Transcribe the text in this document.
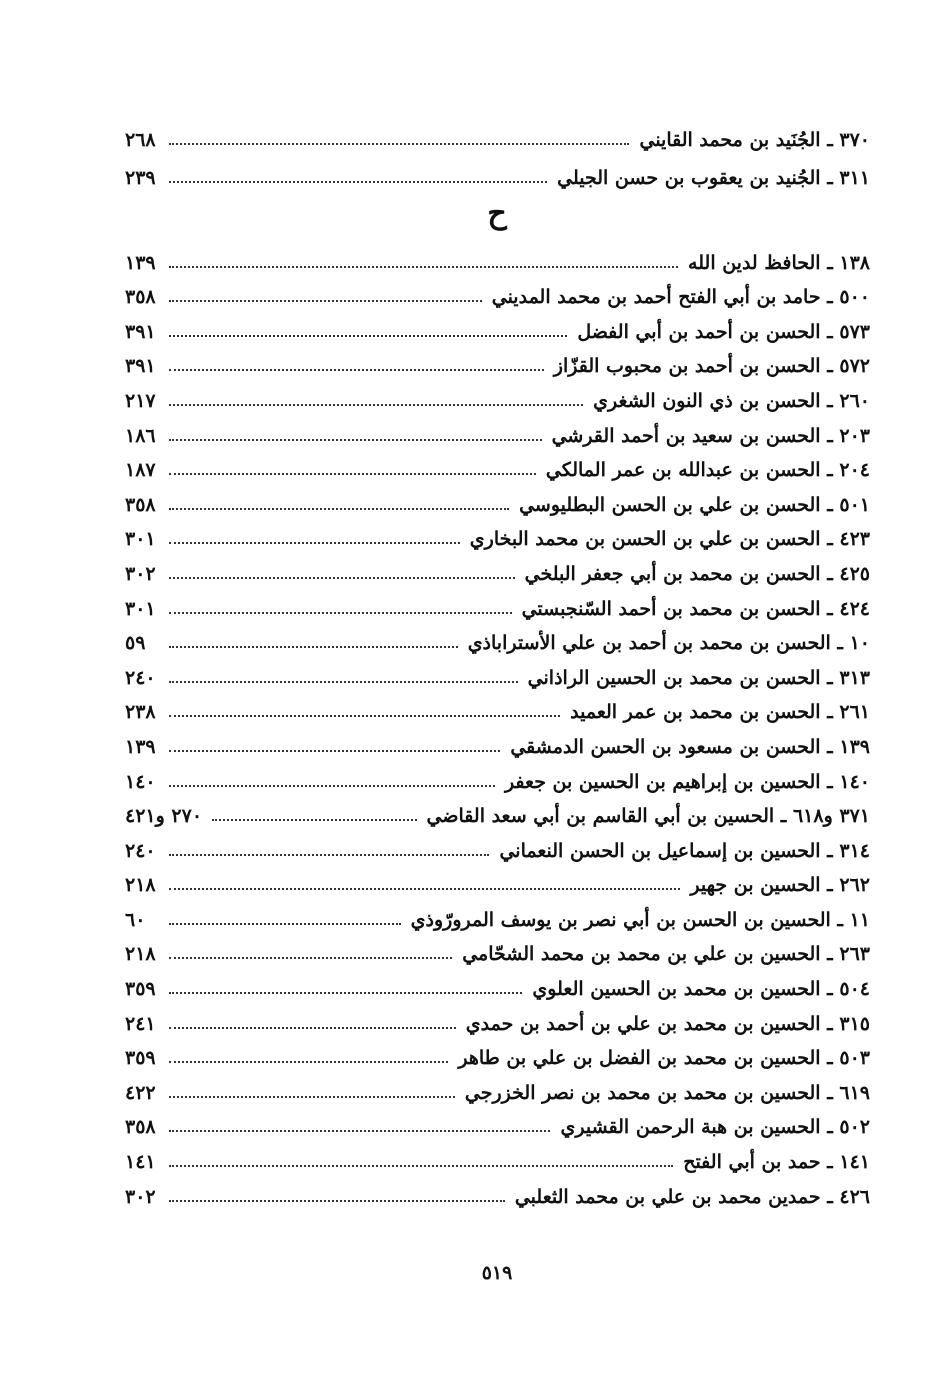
٣٧٠ ـ الجُنَيد بن محمد القايني
٢٦٨
٣١١ ـ الجُنيد بن يعقوب بن حسن الجيلي
٢٣٩
ح
١٣٨ ـ الحافظ لدين الله
١٣٩
٥٠٠ ـ حامد بن أبي الفتح أحمد بن محمد المديني
٣٥٨
٥٧٣ ـ الحسن بن أحمد بن أبي الفضل
٣٩١
٥٧٢ ـ الحسن بن أحمد بن محبوب القزّاز
٣٩١
٢٦٠ ـ الحسن بن ذي النون الشغري
٢١٧
٢٠٣ ـ الحسن بن سعيد بن أحمد القرشي
١٨٦
٢٠٤ ـ الحسن بن عبدالله بن عمر المالكي
١٨٧
٥٠١ ـ الحسن بن علي بن الحسن البطليوسي
٣٥٨
٤٢٣ ـ الحسن بن علي بن الحسن بن محمد البخاري
٣٠١
٤٢٥ ـ الحسن بن محمد بن أبي جعفر البلخي
٣٠٢
٤٢٤ ـ الحسن بن محمد بن أحمد السّنجبستي
٣٠١
١٠ ـ الحسن بن محمد بن أحمد بن علي الأستراباذي
٥٩
٣١٣ ـ الحسن بن محمد بن الحسين الراذاني
٢٤٠
٢٦١ ـ الحسن بن محمد بن عمر العميد
٢٣٨
١٣٩ ـ الحسن بن مسعود بن الحسن الدمشقي
١٣٩
١٤٠ ـ الحسين بن إبراهيم بن الحسين بن جعفر
١٤٠
٣٧١ و٦١٨ ـ الحسين بن أبي القاسم بن أبي سعد القاضي
٢٧٠ و٤٢١
٣١٤ ـ الحسين بن إسماعيل بن الحسن النعماني
٢٤٠
٢٦٢ ـ الحسين بن جهير
٢١٨
١١ ـ الحسين بن الحسن بن أبي نصر بن يوسف المرورّوذي
٦٠
٢٦٣ ـ الحسين بن علي بن محمد بن محمد الشحّامي
٢١٨
٥٠٤ ـ الحسين بن محمد بن الحسين العلوي
٣٥٩
٣١٥ ـ الحسين بن محمد بن علي بن أحمد بن حمدي
٢٤١
٥٠٣ ـ الحسين بن محمد بن الفضل بن علي بن طاهر
٣٥٩
٦١٩ ـ الحسين بن محمد بن محمد بن نصر الخزرجي
٤٢٢
٥٠٢ ـ الحسين بن هبة الرحمن القشيري
٣٥٨
١٤١ ـ حمد بن أبي الفتح
١٤١
٤٢٦ ـ حمدين محمد بن علي بن محمد الثعلبي
٣٠٢
٥١٩
